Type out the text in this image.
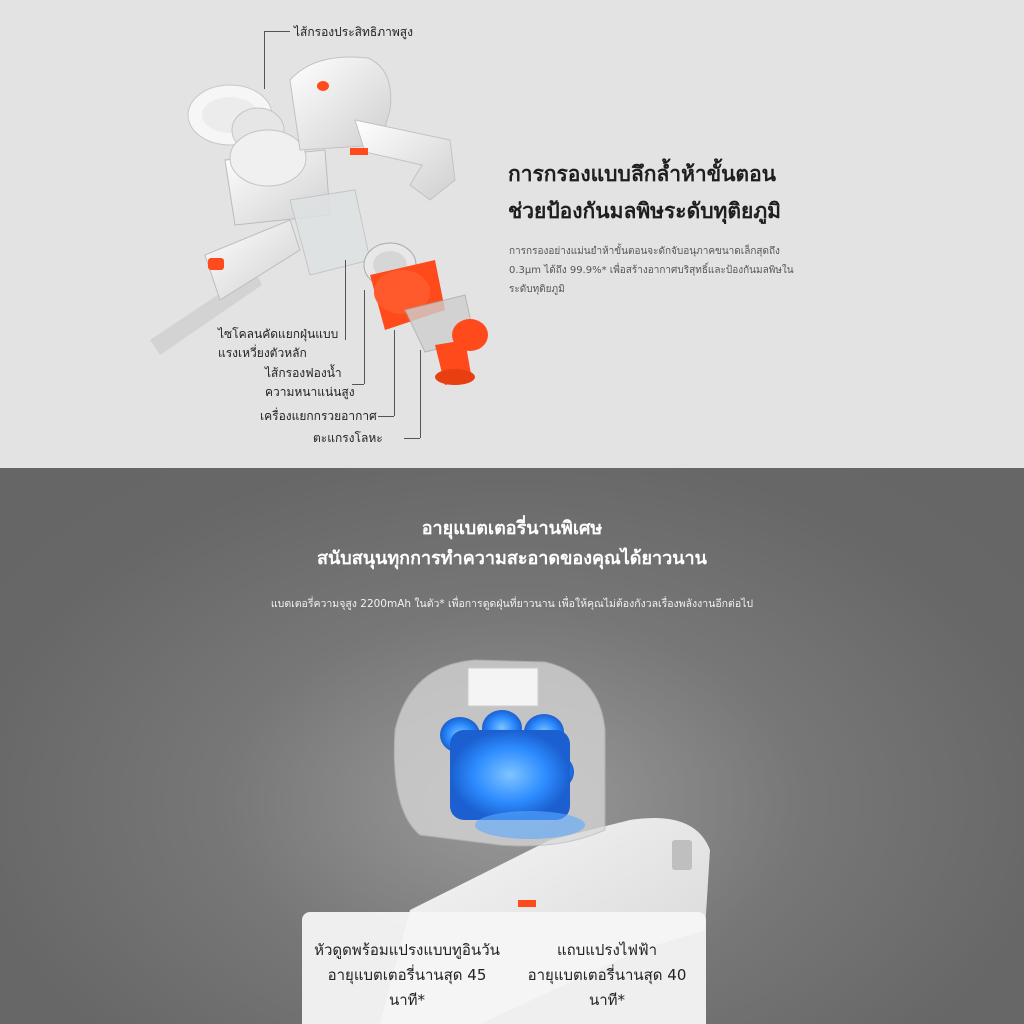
ไส้กรองประสิทธิภาพสูง
ไซโคลนคัดแยกฝุ่นแบบ
แรงเหวี่ยงตัวหลัก
ไส้กรองฟองน้ำ
ความหนาแน่นสูง
เครื่องแยกกรวยอากาศ
ตะแกรงโลหะ
การกรองแบบลึกล้ำห้าขั้นตอน
ช่วยป้องกันมลพิษระดับทุติยภูมิ
การกรองอย่างแม่นยำห้าขั้นตอนจะดักจับอนุภาคขนาดเล็กสุดถึง
0.3μm ได้ถึง 99.9%* เพื่อสร้างอากาศบริสุทธิ์และป้องกันมลพิษใน
ระดับทุติยภูมิ
อายุแบตเตอรี่นานพิเศษ
สนับสนุนทุกการทำความสะอาดของคุณได้ยาวนาน
แบตเตอรี่ความจุสูง 2200mAh ในตัว* เพื่อการดูดฝุ่นที่ยาวนาน เพื่อให้คุณไม่ต้องกังวลเรื่องพลังงานอีกต่อไป
หัวดูดพร้อมแปรงแบบทูอินวัน
อายุแบตเตอรี่นานสุด 45
นาที*
แถบแปรงไฟฟ้า
อายุแบตเตอรี่นานสุด 40
นาที*
